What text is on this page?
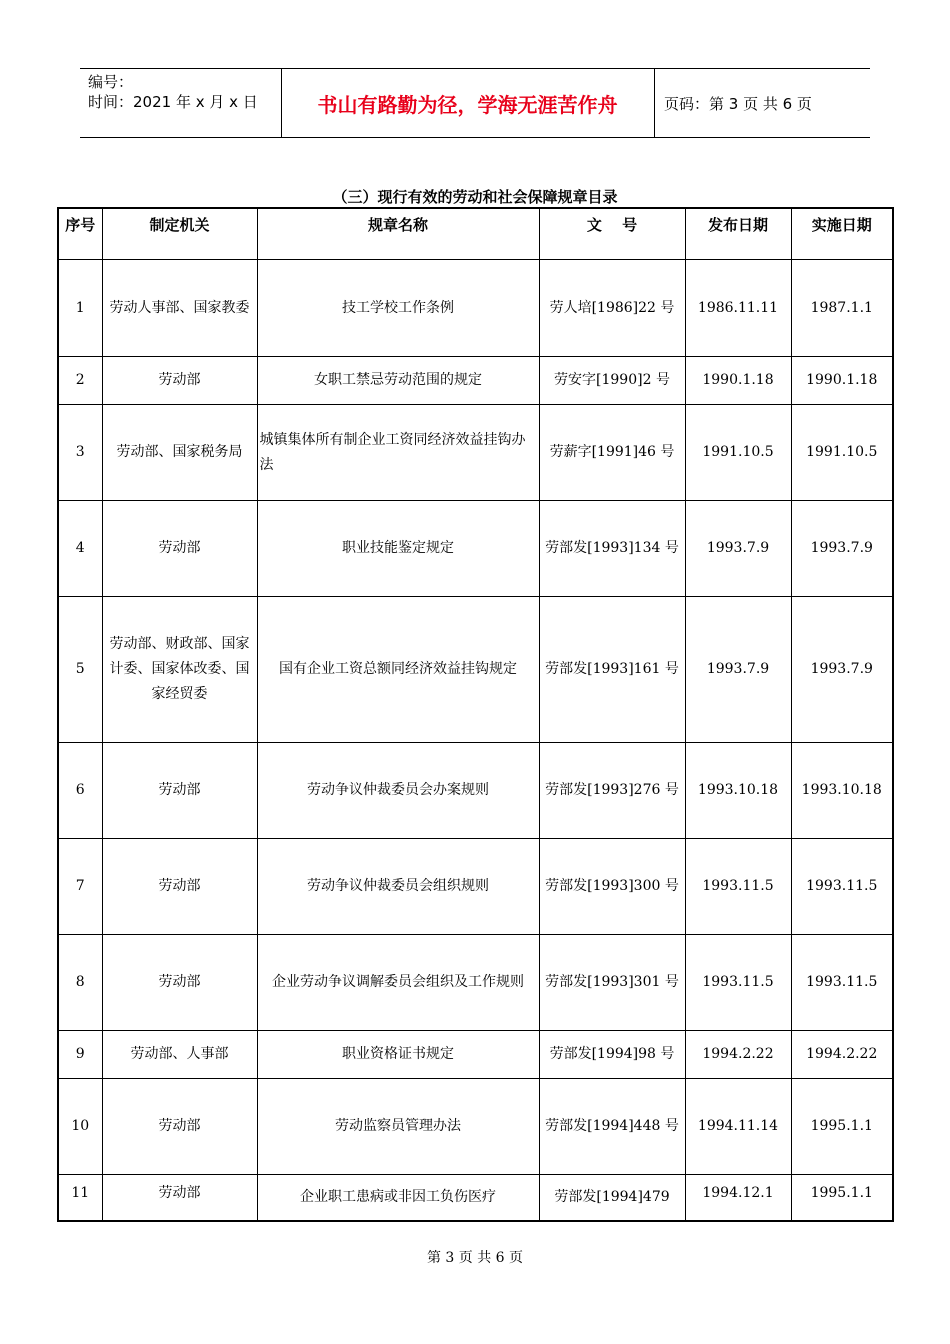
编号：
时间：2021 年 x 月 x 日	书山有路勤为径，学海无涯苦作舟	页码：第 3 页 共 6 页
（三）现行有效的劳动和社会保障规章目录
序号	制定机关	规章名称	文　 号	发布日期	实施日期
1	劳动人事部、国家教委	技工学校工作条例	劳人培[1986]22 号	1986.11.11	1987.1.1
2	劳动部	女职工禁忌劳动范围的规定	劳安字[1990]2 号	1990.1.18	1990.1.18
3	劳动部、国家税务局	城镇集体所有制企业工资同经济效益挂钩办法	劳薪字[1991]46 号	1991.10.5	1991.10.5
4	劳动部	职业技能鉴定规定	劳部发[1993]134 号	1993.7.9	1993.7.9
5	劳动部、财政部、国家计委、国家体改委、国家经贸委	国有企业工资总额同经济效益挂钩规定	劳部发[1993]161 号	1993.7.9	1993.7.9
6	劳动部	劳动争议仲裁委员会办案规则	劳部发[1993]276 号	1993.10.18	1993.10.18
7	劳动部	劳动争议仲裁委员会组织规则	劳部发[1993]300 号	1993.11.5	1993.11.5
8	劳动部	企业劳动争议调解委员会组织及工作规则	劳部发[1993]301 号	1993.11.5	1993.11.5
9	劳动部、人事部	职业资格证书规定	劳部发[1994]98 号	1994.2.22	1994.2.22
10	劳动部	劳动监察员管理办法	劳部发[1994]448 号	1994.11.14	1995.1.1
11	劳动部	企业职工患病或非因工负伤医疗	劳部发[1994]479	1994.12.1	1995.1.1
第 3 页 共 6 页
